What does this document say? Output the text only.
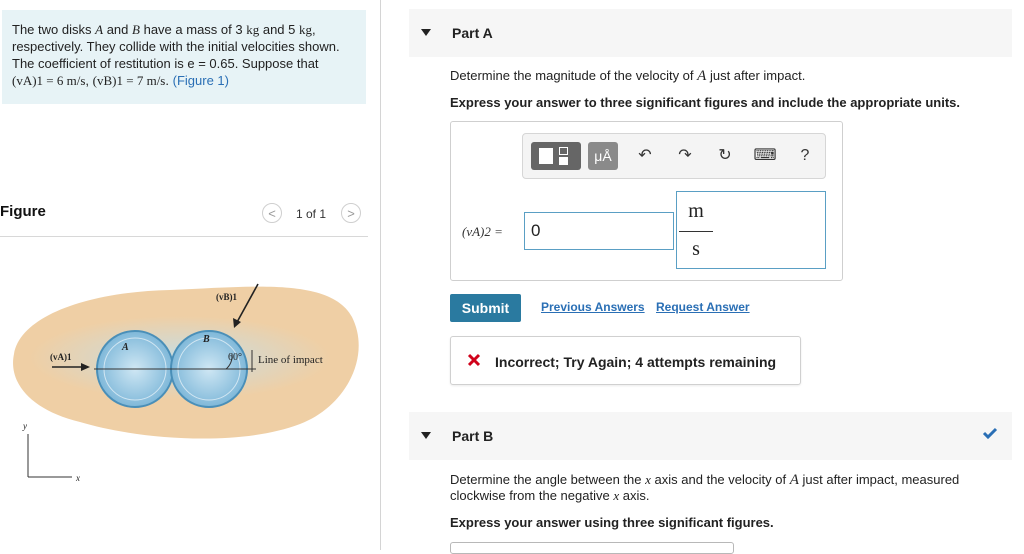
The two disks A and B have a mass of 3 kg and 5 kg,
respectively. They collide with the initial velocities shown.
The coefficient of restitution is e = 0.65. Suppose that
(vA)1 = 6 m/s, (vB)1 = 7 m/s. (Figure 1)
Figure	<	1 of 1	>
(vB)1
(vA)1
A
B
60° Line of impact
y
x
Part A
Determine the magnitude of the velocity of A just after impact.
Express your answer to three significant figures and include the appropriate units.
μÅ	↶	↷	↻	⌨	?
(vA)2 =
0
m
s
Submit	Previous Answers Request Answer
Incorrect; Try Again; 4 attempts remaining
Part B
Determine the angle between the x axis and the velocity of A just after impact, measured
clockwise from the negative x axis.
Express your answer using three significant figures.
